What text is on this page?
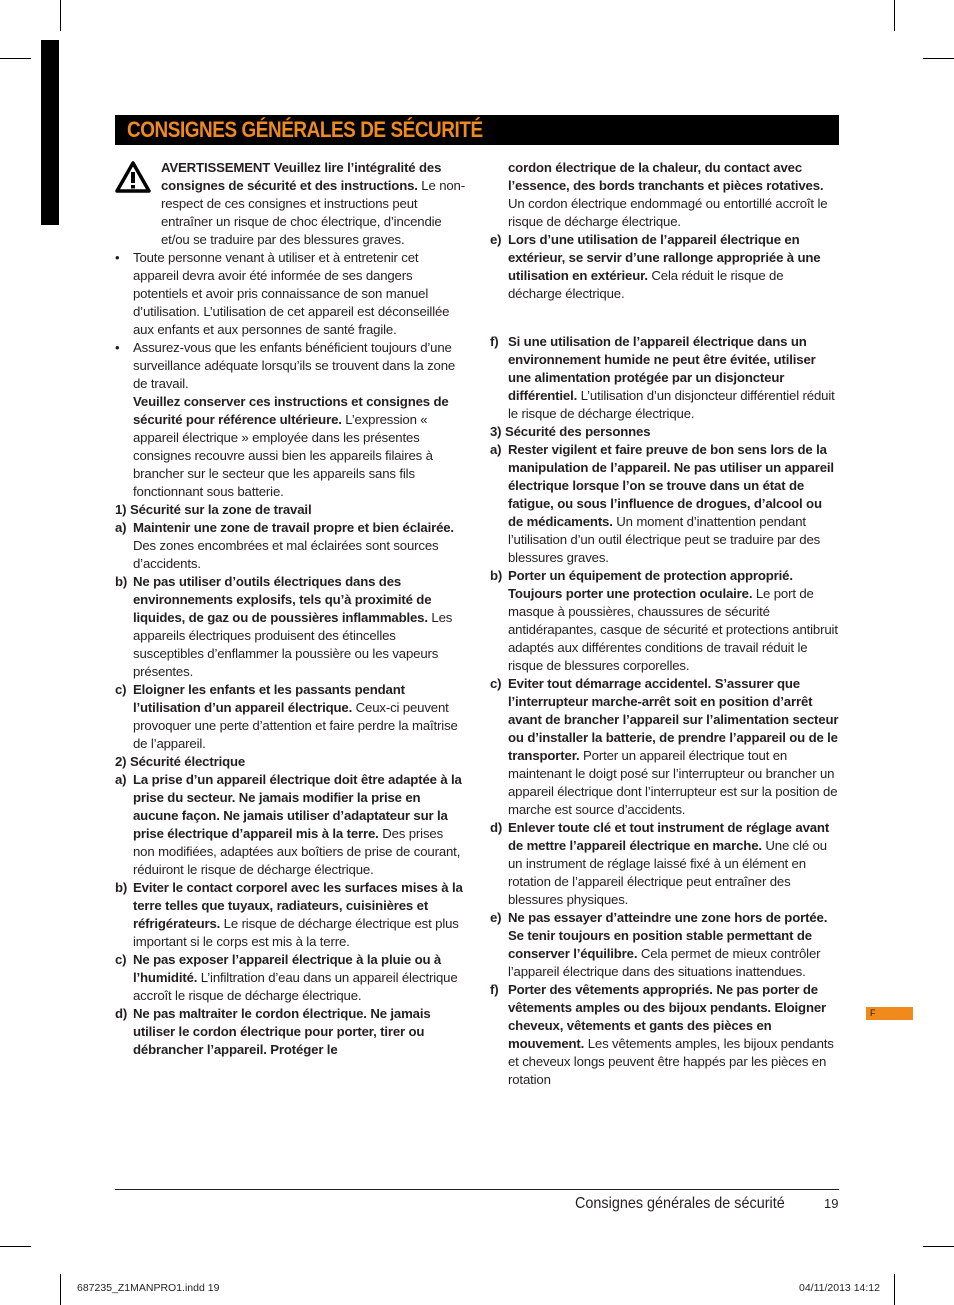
CONSIGNES GÉNÉRALES DE SÉCURITÉ

AVERTISSEMENT Veuillez lire l’intégralité des consignes de sécurité et des instructions. Le non-respect de ces consignes et instructions peut entraîner un risque de choc électrique, d’incendie et/ou se traduire par des blessures graves.

• Toute personne venant à utiliser et à entretenir cet appareil devra avoir été informée de ses dangers potentiels et avoir pris connaissance de son manuel d’utilisation. L’utilisation de cet appareil est déconseillée aux enfants et aux personnes de santé fragile.

• Assurez-vous que les enfants bénéficient toujours d’une surveillance adéquate lorsqu’ils se trouvent dans la zone de travail.

Veuillez conserver ces instructions et consignes de sécurité pour référence ultérieure. L’expression « appareil électrique » employée dans les présentes consignes recouvre aussi bien les appareils filaires à brancher sur le secteur que les appareils sans fils fonctionnant sous batterie.

1) Sécurité sur la zone de travail

a) Maintenir une zone de travail propre et bien éclairée. Des zones encombrées et mal éclairées sont sources d’accidents.

b) Ne pas utiliser d’outils électriques dans des environnements explosifs, tels qu’à proximité de liquides, de gaz ou de poussières inflammables. Les appareils électriques produisent des étincelles susceptibles d’enflammer la poussière ou les vapeurs présentes.

c) Eloigner les enfants et les passants pendant l’utilisation d’un appareil électrique. Ceux-ci peuvent provoquer une perte d’attention et faire perdre la maîtrise de l’appareil.

2) Sécurité électrique

a) La prise d’un appareil électrique doit être adaptée à la prise du secteur. Ne jamais modifier la prise en aucune façon. Ne jamais utiliser d’adaptateur sur la prise électrique d’appareil mis à la terre. Des prises non modifiées, adaptées aux boîtiers de prise de courant, réduiront le risque de décharge électrique.

b) Eviter le contact corporel avec les surfaces mises à la terre telles que tuyaux, radiateurs, cuisinières et réfrigérateurs. Le risque de décharge électrique est plus important si le corps est mis à la terre.

c) Ne pas exposer l’appareil électrique à la pluie ou à l’humidité. L’infiltration d’eau dans un appareil électrique accroît le risque de décharge électrique.

d) Ne pas maltraiter le cordon électrique. Ne jamais utiliser le cordon électrique pour porter, tirer ou débrancher l’appareil. Protéger le

cordon électrique de la chaleur, du contact avec l’essence, des bords tranchants et pièces rotatives. Un cordon électrique endommagé ou entortillé accroît le risque de décharge électrique.

e) Lors d’une utilisation de l’appareil électrique en extérieur, se servir d’une rallonge appropriée à une utilisation en extérieur. Cela réduit le risque de décharge électrique.

f) Si une utilisation de l’appareil électrique dans un environnement humide ne peut être évitée, utiliser une alimentation protégée par un disjoncteur différentiel. L’utilisation d’un disjoncteur différentiel réduit le risque de décharge électrique.

3) Sécurité des personnes

a) Rester vigilent et faire preuve de bon sens lors de la manipulation de l’appareil. Ne pas utiliser un appareil électrique lorsque l’on se trouve dans un état de fatigue, ou sous l’influence de drogues, d’alcool ou de médicaments. Un moment d’inattention pendant l’utilisation d’un outil électrique peut se traduire par des blessures graves.

b) Porter un équipement de protection approprié. Toujours porter une protection oculaire. Le port de masque à poussières, chaussures de sécurité antidérapantes, casque de sécurité et protections antibruit adaptés aux différentes conditions de travail réduit le risque de blessures corporelles.

c) Eviter tout démarrage accidentel. S’assurer que l’interrupteur marche-arrêt soit en position d’arrêt avant de brancher l’appareil sur l’alimentation secteur ou d’installer la batterie, de prendre l’appareil ou de le transporter. Porter un appareil électrique tout en maintenant le doigt posé sur l’interrupteur ou brancher un appareil électrique dont l’interrupteur est sur la position de marche est source d’accidents.

d) Enlever toute clé et tout instrument de réglage avant de mettre l’appareil électrique en marche. Une clé ou un instrument de réglage laissé fixé à un élément en rotation de l’appareil électrique peut entraîner des blessures physiques.

e) Ne pas essayer d’atteindre une zone hors de portée. Se tenir toujours en position stable permettant de conserver l’équilibre. Cela permet de mieux contrôler l’appareil électrique dans des situations inattendues.

f) Porter des vêtements appropriés. Ne pas porter de vêtements amples ou des bijoux pendants. Eloigner cheveux, vêtements et gants des pièces en mouvement. Les vêtements amples, les bijoux pendants et cheveux longs peuvent être happés par les pièces en rotation

F
Consignes générales de sécurité	19
687235_Z1MANPRO1.indd 19	04/11/2013 14:12
